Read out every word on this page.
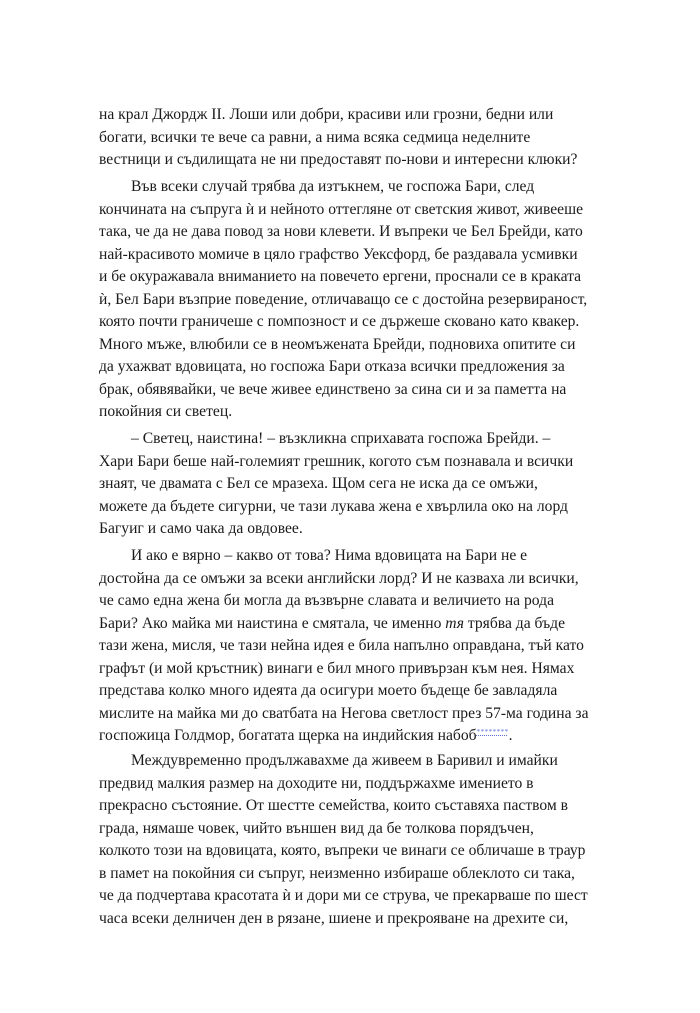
на крал Джордж II. Лоши или добри, красиви или грозни, бедни или
богати, всички те вече са равни, а нима всяка седмица неделните
вестници и съдилищата не ни предоставят по-нови и интересни клюки?
Във всеки случай трябва да изтъкнем, че госпожа Бари, след
кончината на съпруга ѝ и нейното оттегляне от светския живот, живееше
така, че да не дава повод за нови клевети. И въпреки че Бел Брейди, като
най-красивото момиче в цяло графство Уексфорд, бе раздавала усмивки
и бе окуражавала вниманието на повечето ергени, проснали се в краката
ѝ, Бел Бари възприе поведение, отличаващо се с достойна резервираност,
която почти граничеше с помпозност и се държеше сковано като квакер.
Много мъже, влюбили се в неомъжената Брейди, подновиха опитите си
да ухажват вдовицата, но госпожа Бари отказа всички предложения за
брак, обявявайки, че вече живее единствено за сина си и за паметта на
покойния си светец.
– Светец, наистина! – възкликна сприхавата госпожа Брейди. –
Хари Бари беше най-големият грешник, когото съм познавала и всички
знаят, че двамата с Бел се мразеха. Щом сега не иска да се омъжи,
можете да бъдете сигурни, че тази лукава жена е хвърлила око на лорд
Багуиг и само чака да овдовее.
И ако е вярно – какво от това? Нима вдовицата на Бари не е
достойна да се омъжи за всеки английски лорд? И не казваха ли всички,
че само една жена би могла да възвърне славата и величието на рода
Бари? Ако майка ми наистина е смятала, че именно тя трябва да бъде
тази жена, мисля, че тази нейна идея е била напълно оправдана, тъй като
графът (и мой кръстник) винаги е бил много привързан към нея. Нямах
представа колко много идеята да осигури моето бъдеще бе завладяла
мислите на майка ми до сватбата на Негова светлост през 57-ма година за
госпожица Голдмор, богатата щерка на индийския набоб********.
Междувременно продължавахме да живеем в Баривил и имайки
предвид малкия размер на доходите ни, поддържахме имението в
прекрасно състояние. От шестте семейства, които съставяха паством в
града, нямаше човек, чийто външен вид да бе толкова порядъчен,
колкото този на вдовицата, която, въпреки че винаги се обличаше в траур
в памет на покойния си съпруг, неизменно избираше облеклото си така,
че да подчертава красотата ѝ и дори ми се струва, че прекарваше по шест
часа всеки делничен ден в рязане, шиене и прекрояване на дрехите си,
